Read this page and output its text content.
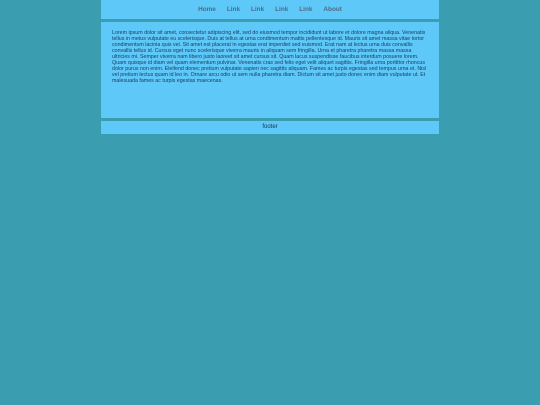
Home	Link	Link	Link	Link	About

Lorem ipsum dolor sit amet, consectetur adipiscing elit, sed do eiusmod tempor incididunt ut labore et dolore magna aliqua. Venenatis tellus in metus vulputate eu scelerisque. Duis at tellus at urna condimentum mattis pellentesque id. Mauris sit amet massa vitae tortor condimentum lacinia quis vel. Sit amet est placerat in egestas erat imperdiet sed euismod. Erat nam at lectus urna duis convallis convallis tellus id. Cursus eget nunc scelerisque viverra mauris in aliquam sem fringilla. Urna et pharetra pharetra massa massa ultricies mi. Semper viverra nam libero justo laoreet sit amet cursus sit. Quam lacus suspendisse faucibus interdum posuere lorem. Quam quisque id diam vel quam elementum pulvinar. Venenatis cras sed felis eget velit aliquet sagittis. Fringilla urna porttitor rhoncus dolor purus non enim. Eleifend donec pretium vulputate sapien nec sagittis aliquam. Fames ac turpis egestas sed tempus urna et. Nisl vel pretium lectus quam id leo in. Ornare arcu odio ut sem nulla pharetra diam. Dictum sit amet justo donec enim diam vulputate ut. Et malesuada fames ac turpis egestas maecenas.

footer
